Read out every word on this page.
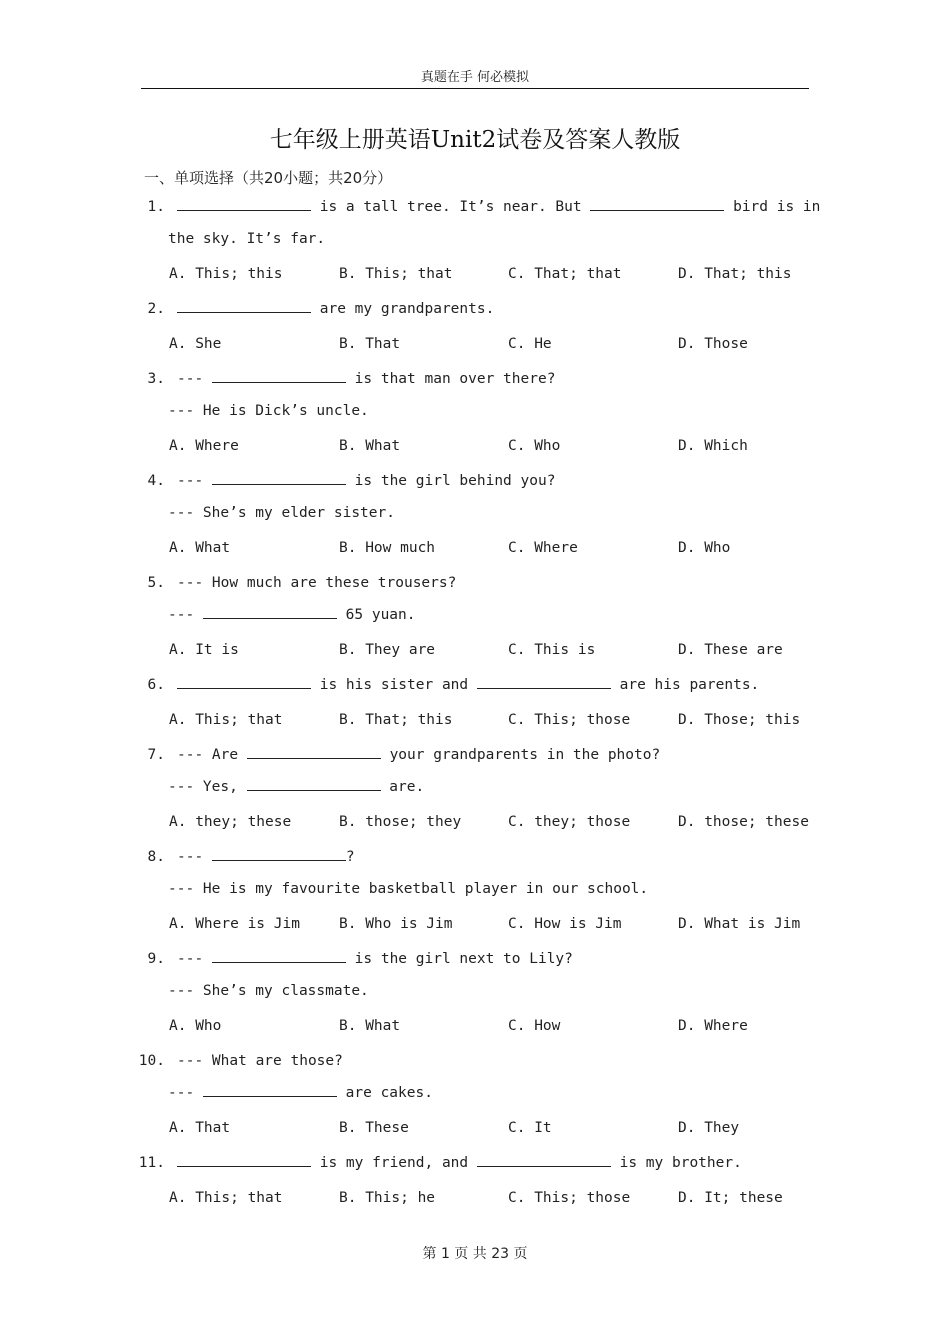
真题在手 何必模拟
七年级上册英语Unit2试卷及答案人教版
一、单项选择（共20小题；共20分）
1.	is a tall tree. It’s near. But	bird is in
the sky. It’s far.
A. This; this	B. This; that	C. That; that	D. That; this
2.	are my grandparents.
A. She	B. That	C. He	D. Those
3. ---	is that man over there?
--- He is Dick’s uncle.
A. Where	B. What	C. Who	D. Which
4. ---	is the girl behind you?
--- She’s my elder sister.
A. What	B. How much	C. Where	D. Who
5. --- How much are these trousers?
---	65 yuan.
A. It is	B. They are	C. This is	D. These are
6.	is his sister and	are his parents.
A. This; that	B. That; this	C. This; those	D. Those; this
7. --- Are	your grandparents in the photo?
--- Yes,	are.
A. they; these	B. those; they	C. they; those	D. those; these
8. ---	?
--- He is my favourite basketball player in our school.
A. Where is Jim	B. Who is Jim	C. How is Jim	D. What is Jim
9. ---	is the girl next to Lily?
--- She’s my classmate.
A. Who	B. What	C. How	D. Where
10. --- What are those?
---	are cakes.
A. That	B. These	C. It	D. They
11.	is my friend, and	is my brother.
A. This; that	B. This; he	C. This; those	D. It; these
第 1 页 共 23 页
